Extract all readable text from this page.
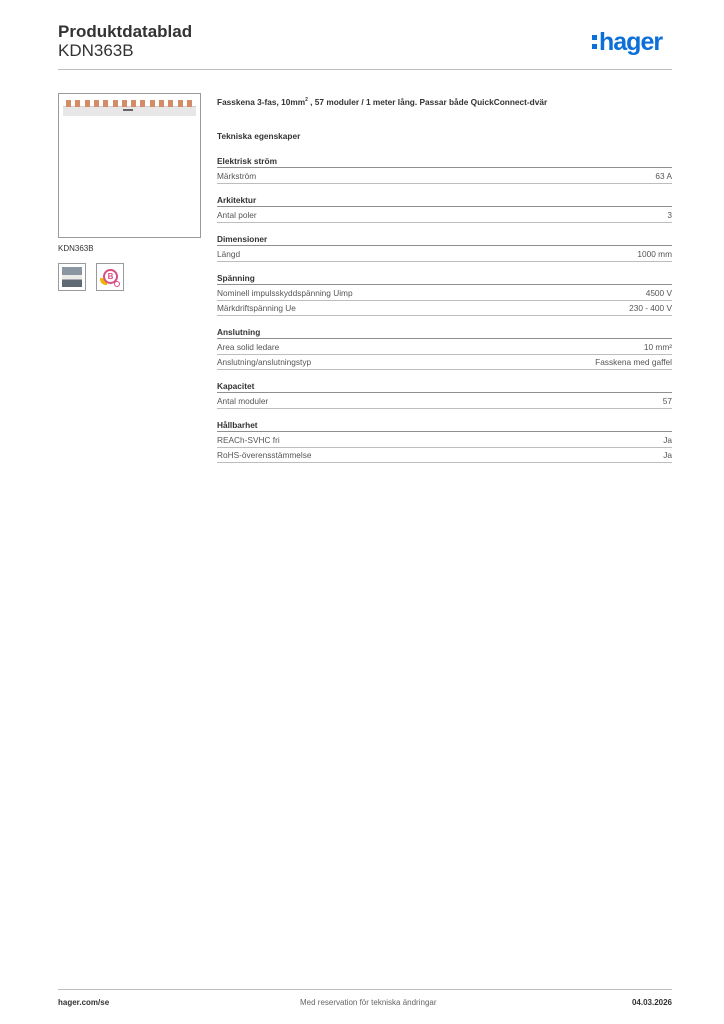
Produktdatablad
KDN363B	hager
KDN363B
B
Fasskena 3-fas, $10mm^2$ , 57 moduler / 1 meter lång. Passar både QuickConnect-dvär
Tekniska egenskaper
Elektrisk ström
Märkström	63 A
Arkitektur
Antal poler	3
Dimensioner
Längd	1000 mm
Spänning
Nominell impulsskyddspänning Uimp	4500 V
Märkdriftspänning Ue	230 - 400 V
Anslutning
Area solid ledare	10 mm²
Anslutning/anslutningstyp	Fasskena med gaffel
Kapacitet
Antal moduler	57
Hållbarhet
REACh-SVHC fri	Ja
RoHS-överensstämmelse	Ja
hager.com/se	Med reservation för tekniska ändringar	04.03.2026
